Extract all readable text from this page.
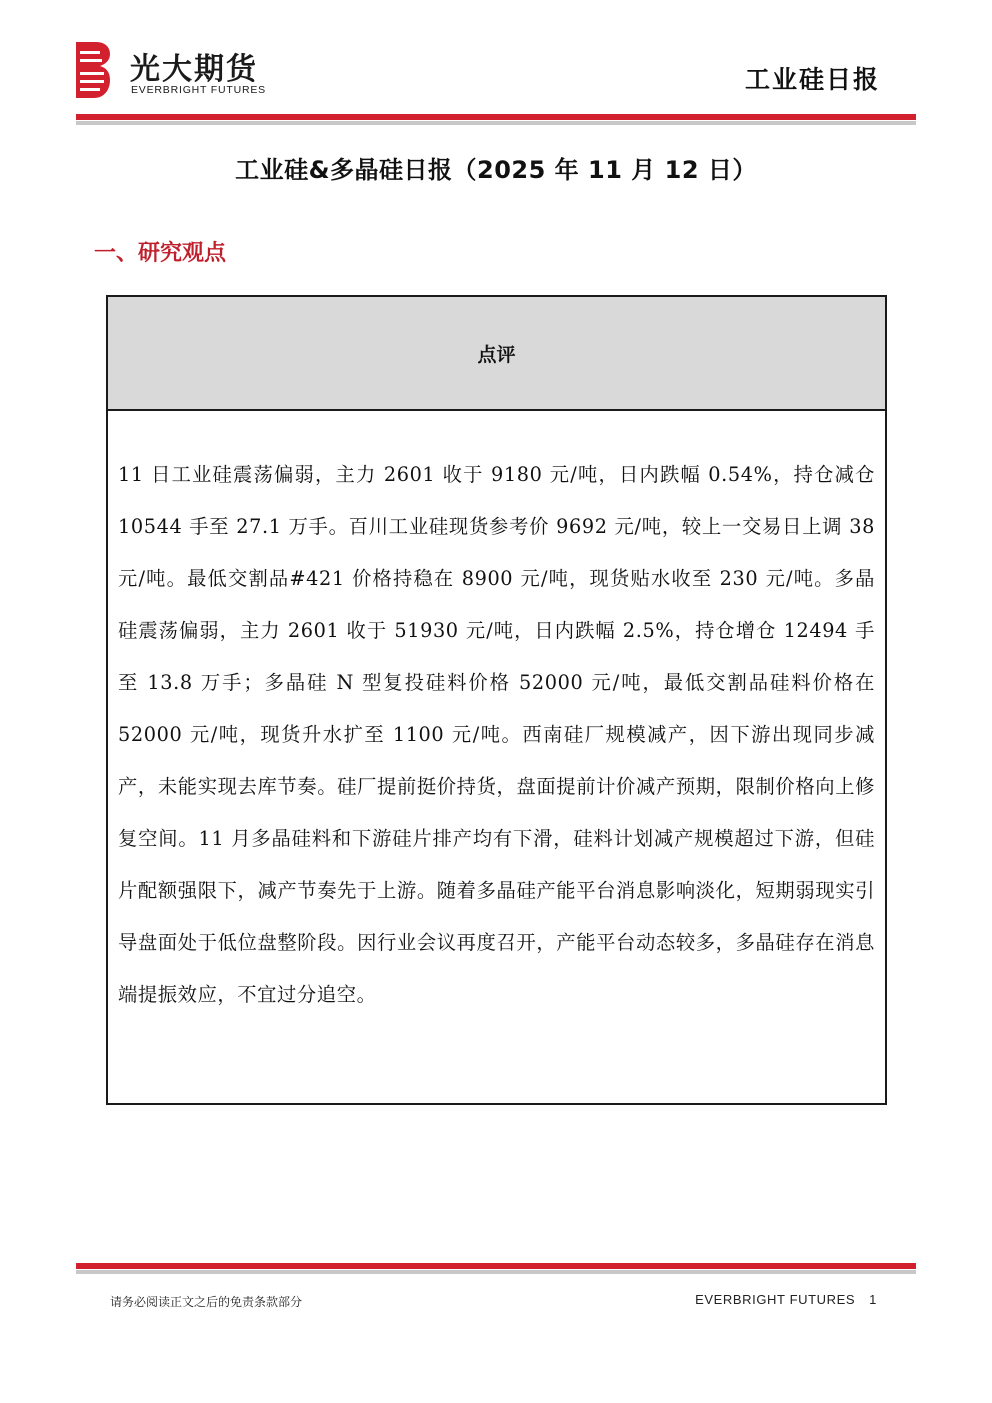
光大期货
EVERBRIGHT FUTURES	工业硅日报
工业硅&多晶硅日报（2025 年 11 月 12 日）
一、研究观点
点评
11 日工业硅震荡偏弱，主力 2601 收于 9180 元/吨，日内跌幅 0.54%，持仓减仓 10544 手至 27.1 万手。百川工业硅现货参考价 9692 元/吨，较上一交易日上调 38 元/吨。最低交割品#421 价格持稳在 8900 元/吨，现货贴水收至 230 元/吨。多晶硅震荡偏弱，主力 2601 收于 51930 元/吨，日内跌幅 2.5%，持仓增仓 12494 手至 13.8 万手；多晶硅 N 型复投硅料价格 52000 元/吨，最低交割品硅料价格在 52000 元/吨，现货升水扩至 1100 元/吨。西南硅厂规模减产，因下游出现同步减产，未能实现去库节奏。硅厂提前挺价持货，盘面提前计价减产预期，限制价格向上修复空间。11 月多晶硅料和下游硅片排产均有下滑，硅料计划减产规模超过下游，但硅片配额强限下，减产节奏先于上游。随着多晶硅产能平台消息影响淡化，短期弱现实引导盘面处于低位盘整阶段。因行业会议再度召开，产能平台动态较多，多晶硅存在消息端提振效应，不宜过分追空。
请务必阅读正文之后的免责条款部分	EVERBRIGHT FUTURES 1
